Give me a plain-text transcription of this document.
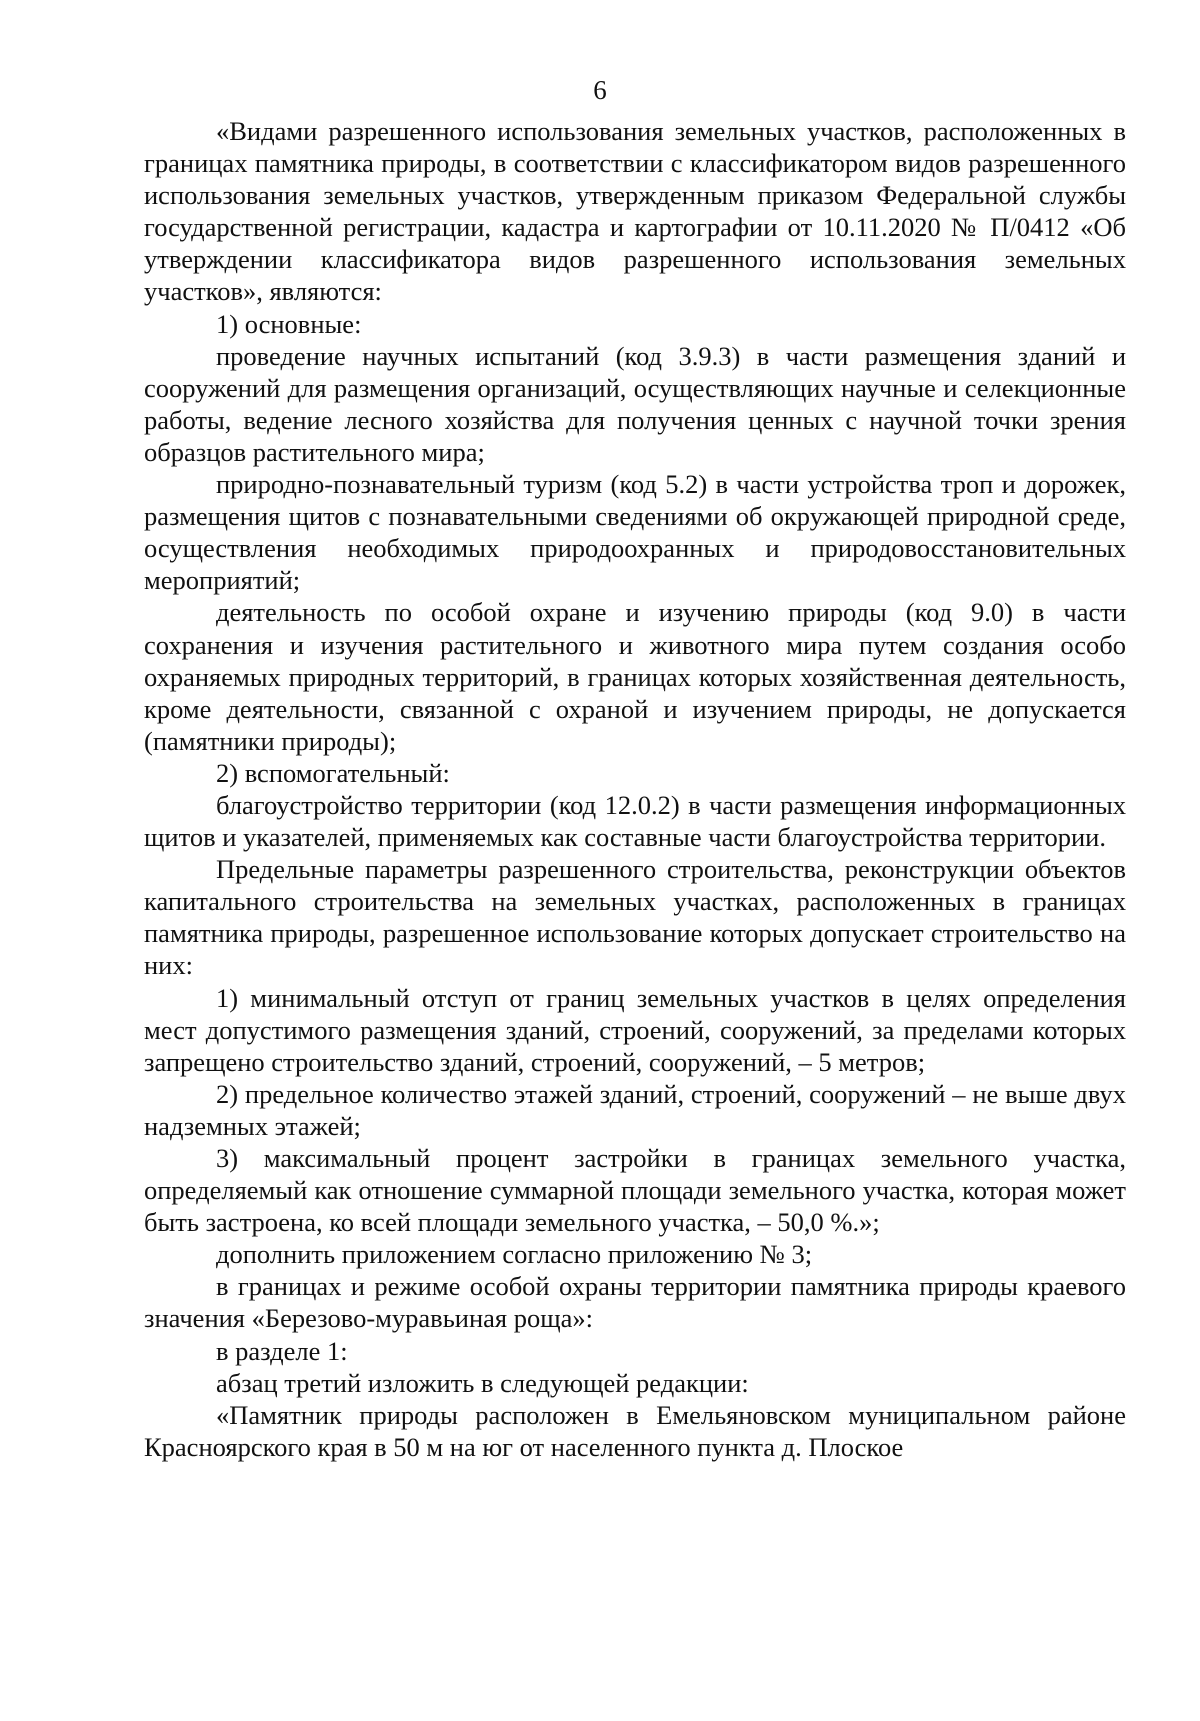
6

«Видами разрешенного использования земельных участков, расположенных в границах памятника природы, в соответствии с классификатором видов разрешенного использования земельных участков, утвержденным приказом Федеральной службы государственной регистрации, кадастра и картографии от 10.11.2020 № П/0412 «Об утверждении классификатора видов разрешенного использования земельных участков», являются:

1) основные:

проведение научных испытаний (код 3.9.3) в части размещения зданий и сооружений для размещения организаций, осуществляющих научные и селекционные работы, ведение лесного хозяйства для получения ценных с научной точки зрения образцов растительного мира;

природно-познавательный туризм (код 5.2) в части устройства троп и дорожек, размещения щитов с познавательными сведениями об окружающей природной среде, осуществления необходимых природоохранных и природовосстановительных мероприятий;

деятельность по особой охране и изучению природы (код 9.0) в части сохранения и изучения растительного и животного мира путем создания особо охраняемых природных территорий, в границах которых хозяйственная деятельность, кроме деятельности, связанной с охраной и изучением природы, не допускается (памятники природы);

2) вспомогательный:

благоустройство территории (код 12.0.2) в части размещения информационных щитов и указателей, применяемых как составные части благоустройства территории.

Предельные параметры разрешенного строительства, реконструкции объектов капитального строительства на земельных участках, расположенных в границах памятника природы, разрешенное использование которых допускает строительство на них:

1) минимальный отступ от границ земельных участков в целях определения мест допустимого размещения зданий, строений, сооружений, за пределами которых запрещено строительство зданий, строений, сооружений, – 5 метров;

2) предельное количество этажей зданий, строений, сооружений – не выше двух надземных этажей;

3) максимальный процент застройки в границах земельного участка, определяемый как отношение суммарной площади земельного участка, которая может быть застроена, ко всей площади земельного участка, – 50,0 %.»;

дополнить приложением согласно приложению № 3;

в границах и режиме особой охраны территории памятника природы краевого значения «Березово-муравьиная роща»:

в разделе 1:

абзац третий изложить в следующей редакции:

«Памятник природы расположен в Емельяновском муниципальном районе Красноярского края в 50 м на юг от населенного пункта д. Плоское
